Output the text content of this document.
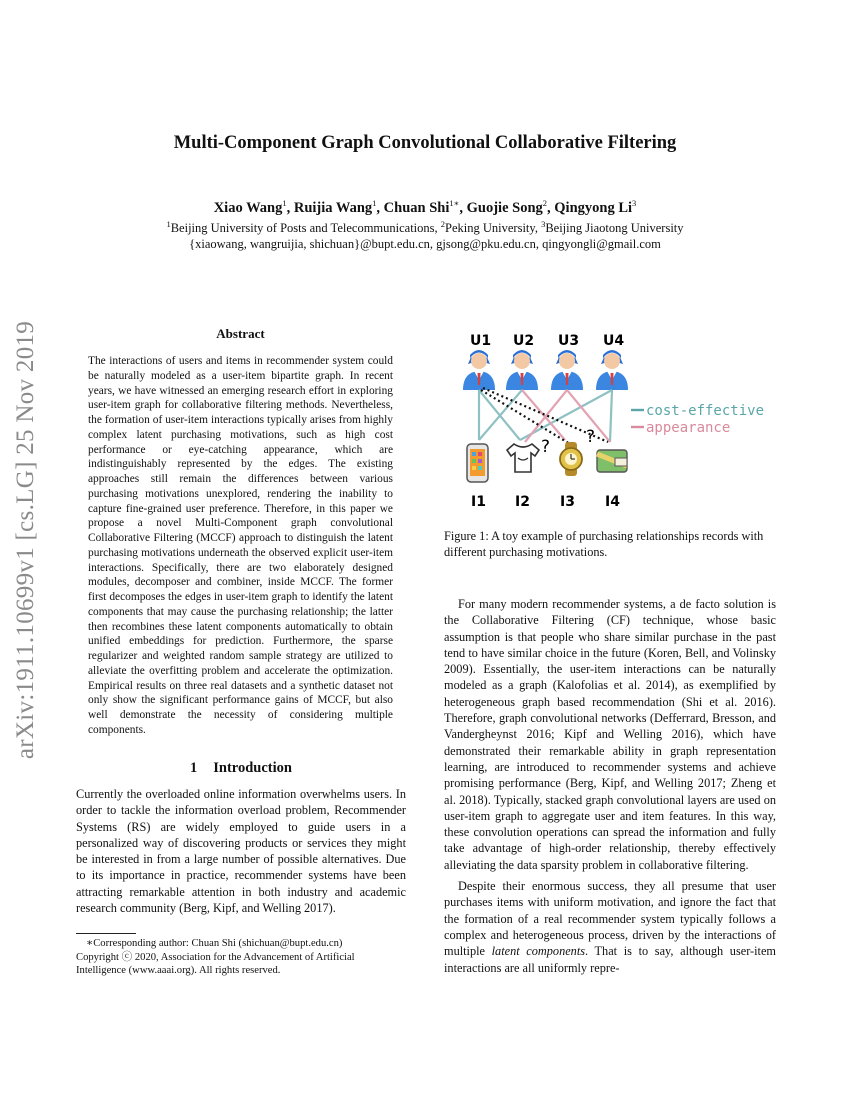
arXiv:1911.10699v1 [cs.LG] 25 Nov 2019
Multi-Component Graph Convolutional Collaborative Filtering
Xiao Wang$^1$, Ruijia Wang$^1$, Chuan Shi$^{1∗}$, Guojie Song$^2$, Qingyong Li$^3$
$^1$Beijing University of Posts and Telecommunications, $^2$Peking University, $^3$Beijing Jiaotong University
{xiaowang, wangruijia, shichuan}@bupt.edu.cn, gjsong@pku.edu.cn, qingyongli@gmail.com
Abstract
The interactions of users and items in recommender system could be naturally modeled as a user-item bipartite graph. In recent years, we have witnessed an emerging research effort in exploring user-item graph for collaborative filtering methods. Nevertheless, the formation of user-item interactions typically arises from highly complex latent purchasing motivations, such as high cost performance or eye-catching appearance, which are indistinguishably represented by the edges. The existing approaches still remain the differences between various purchasing motivations unexplored, rendering the inability to capture fine-grained user preference. Therefore, in this paper we propose a novel Multi-Component graph convolutional Collaborative Filtering (MCCF) approach to distinguish the latent purchasing motivations underneath the observed explicit user-item interactions. Specifically, there are two elaborately designed modules, decomposer and combiner, inside MCCF. The former first decomposes the edges in user-item graph to identify the latent components that may cause the purchasing relationship; the latter then recombines these latent components automatically to obtain unified embeddings for prediction. Furthermore, the sparse regularizer and weighted random sample strategy are utilized to alleviate the overfitting problem and accelerate the optimization. Empirical results on three real datasets and a synthetic dataset not only show the significant performance gains of MCCF, but also well demonstrate the necessity of considering multiple components.
1 Introduction
Currently the overloaded online information overwhelms users. In order to tackle the information overload problem, Recommender Systems (RS) are widely employed to guide users in a personalized way of discovering products or services they might be interested in from a large number of possible alternatives. Due to its importance in practice, recommender systems have been attracting remarkable attention in both industry and academic research community (Berg, Kipf, and Welling 2017).
∗Corresponding author: Chuan Shi (shichuan@bupt.edu.cn)
Copyright ⓒ 2020, Association for the Advancement of Artificial Intelligence (www.aaai.org). All rights reserved.
U1 U2 U3 U4
? ?
I1 I2 I3 I4
cost-effective
appearance
Figure 1: A toy example of purchasing relationships records with different purchasing motivations.

For many modern recommender systems, a de facto solution is the Collaborative Filtering (CF) technique, whose basic assumption is that people who share similar purchase in the past tend to have similar choice in the future (Koren, Bell, and Volinsky 2009). Essentially, the user-item interactions can be naturally modeled as a graph (Kalofolias et al. 2014), as exemplified by heterogeneous graph based recommendation (Shi et al. 2016). Therefore, graph convolutional networks (Defferrard, Bresson, and Vandergheynst 2016; Kipf and Welling 2016), which have demonstrated their remarkable ability in graph representation learning, are introduced to recommender systems and achieve promising performance (Berg, Kipf, and Welling 2017; Zheng et al. 2018). Typically, stacked graph convolutional layers are used on user-item graph to aggregate user and item features. In this way, these convolution operations can spread the information and fully take advantage of high-order relationship, thereby effectively alleviating the data sparsity problem in collaborative filtering.

Despite their enormous success, they all presume that user purchases items with uniform motivation, and ignore the fact that the formation of a real recommender system typically follows a complex and heterogeneous process, driven by the interactions of multiple latent components. That is to say, although user-item interactions are all uniformly repre-
